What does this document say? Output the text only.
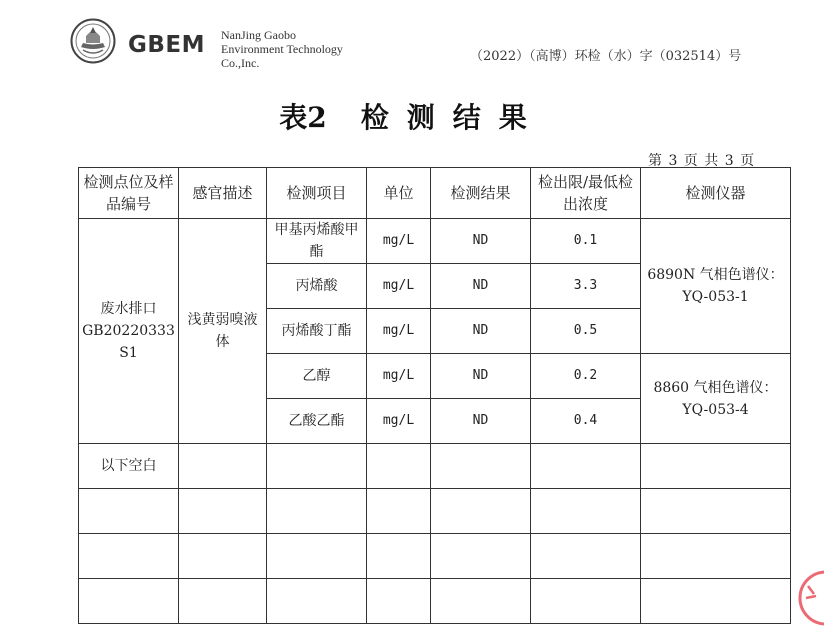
GBEM NanJing Gaobo
Environment Technology
Co.,Inc.	（2022）（高博）环检（水）字（032514）号
表2 检测结果
第 3 页 共 3 页
检测点位及样品编号	感官描述	检测项目	单位	检测结果	检出限/最低检出浓度	检测仪器
废水排口 GB20220333 S1	浅黄弱嗅液体	甲基丙烯酸甲酯	mg/L	ND	0.1	6890N 气相色谱仪：YQ-053-1
		丙烯酸	mg/L	ND	3.3	
		丙烯酸丁酯	mg/L	ND	0.5	
		乙醇	mg/L	ND	0.2	8860 气相色谱仪：YQ-053-4
		乙酸乙酯	mg/L	ND	0.4	
以下空白						
